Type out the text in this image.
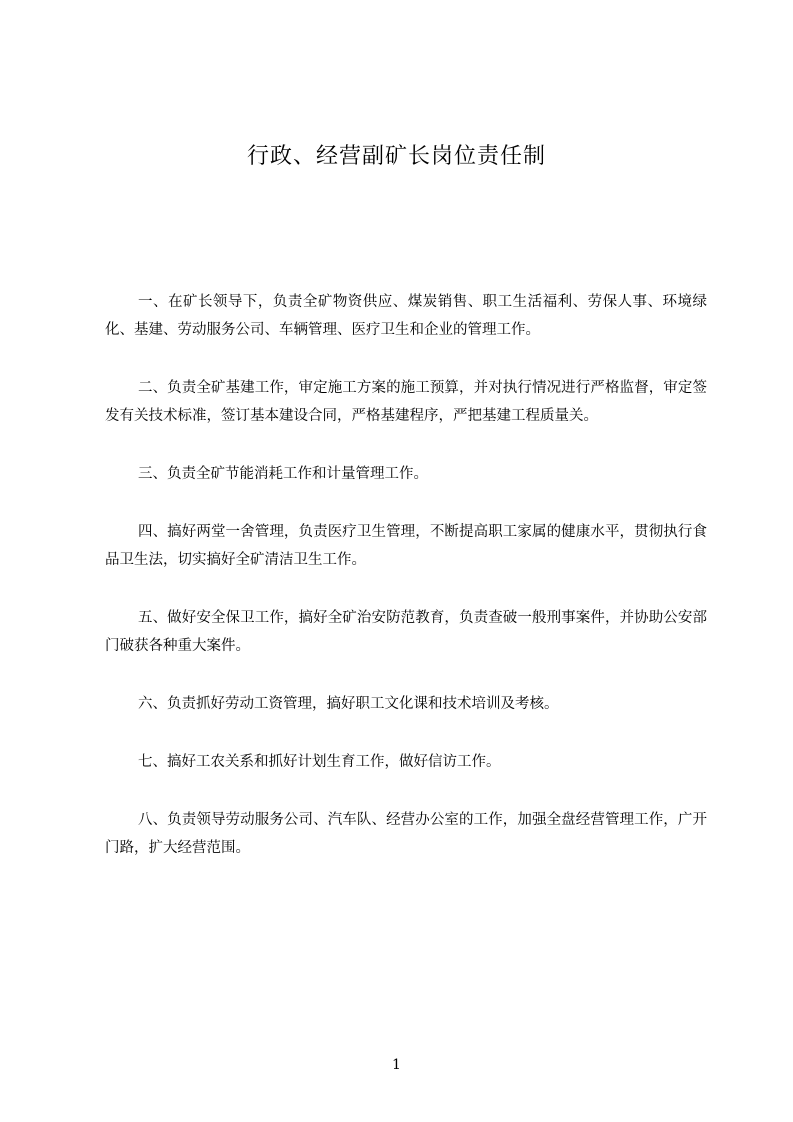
行政、经营副矿长岗位责任制

一、在矿长领导下，负责全矿物资供应、煤炭销售、职工生活福利、劳保人事、环境绿化、基建、劳动服务公司、车辆管理、医疗卫生和企业的管理工作。

二、负责全矿基建工作，审定施工方案的施工预算，并对执行情况进行严格监督，审定签发有关技术标准，签订基本建设合同，严格基建程序，严把基建工程质量关。

三、负责全矿节能消耗工作和计量管理工作。

四、搞好两堂一舍管理，负责医疗卫生管理，不断提高职工家属的健康水平，贯彻执行食品卫生法，切实搞好全矿清洁卫生工作。

五、做好安全保卫工作，搞好全矿治安防范教育，负责查破一般刑事案件，并协助公安部门破获各种重大案件。

六、负责抓好劳动工资管理，搞好职工文化课和技术培训及考核。

七、搞好工农关系和抓好计划生育工作，做好信访工作。

八、负责领导劳动服务公司、汽车队、经营办公室的工作，加强全盘经营管理工作，广开门路，扩大经营范围。

1
